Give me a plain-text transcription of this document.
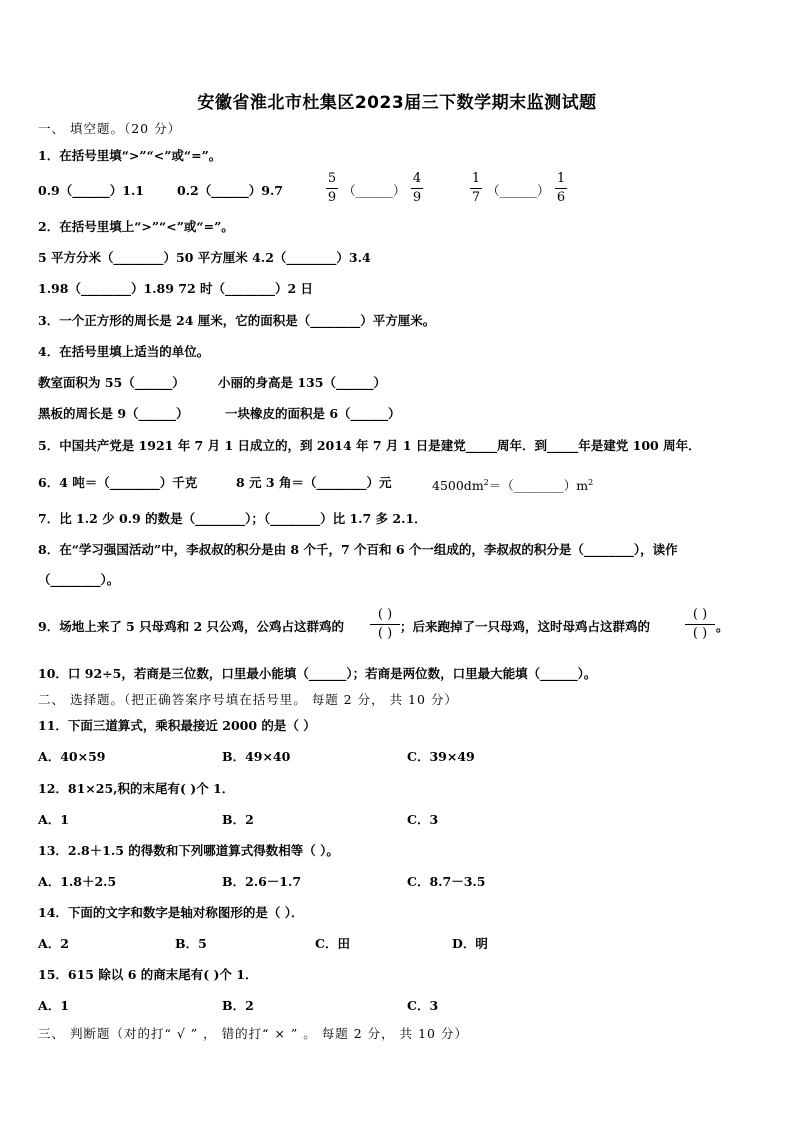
安徽省淮北市杜集区2023届三下数学期末监测试题
一、 填空题。（20 分）
1．在括号里填“>”“<”或“=”。
0.9（______）1.1	0.2（______）9.7
5
9 （______）
4
9
1
7 （______）
1
6
2．在括号里填上“>”“<”或“=”。
5 平方分米（________）50 平方厘米 4.2（________）3.4
1.98（________）1.89 72 时（________）2 日
3．一个正方形的周长是 24 厘米，它的面积是（________）平方厘米。
4．在括号里填上适当的单位。
教室面积为 55（______）	小丽的身高是 135（______）
黑板的周长是 9（______）	一块橡皮的面积是 6（______）
5．中国共产党是 1921 年 7 月 1 日成立的，到 2014 年 7 月 1 日是建党_____周年．到_____年是建党 100 周年．
6．4 吨＝（________）千克	8 元 3 角＝（________）元	$4500dm^2=(\_\_\_\_\_\_\_\_)m^2$
7．比 1.2 少 0.9 的数是（________）；（________）比 1.7 多 2.1．
8．在“学习强国活动”中，李叔叔的积分是由 8 个千，7 个百和 6 个一组成的，李叔叔的积分是（________），读作
（________）。
9．场地上来了 5 只母鸡和 2 只公鸡，公鸡占这群鸡的
( )
( ) ；后来跑掉了一只母鸡，这时母鸡占这群鸡的
( )
( ) 。
10．口 92÷5，若商是三位数，口里最小能填（______）；若商是两位数，口里最大能填（______）。
二、 选择题。（把正确答案序号填在括号里。 每题 2 分， 共 10 分）
11．下面三道算式，乘积最接近 2000 的是（ ）
A．40×59	B．49×40	C．39×49
12．81×25,积的末尾有( )个 1．
A．1	B．2	C．3
13．2.8＋1.5 的得数和下列哪道算式得数相等（ ）。
A．1.8＋2.5	B．2.6－1.7	C．8.7－3.5
14．下面的文字和数字是轴对称图形的是（ ）．
A．2	B．5	C．田	D．明
15．615 除以 6 的商末尾有( )个 1．
A．1	B．2	C．3
三、 判断题（对的打“ √ ” ， 错的打“ × ” 。 每题 2 分， 共 10 分）
